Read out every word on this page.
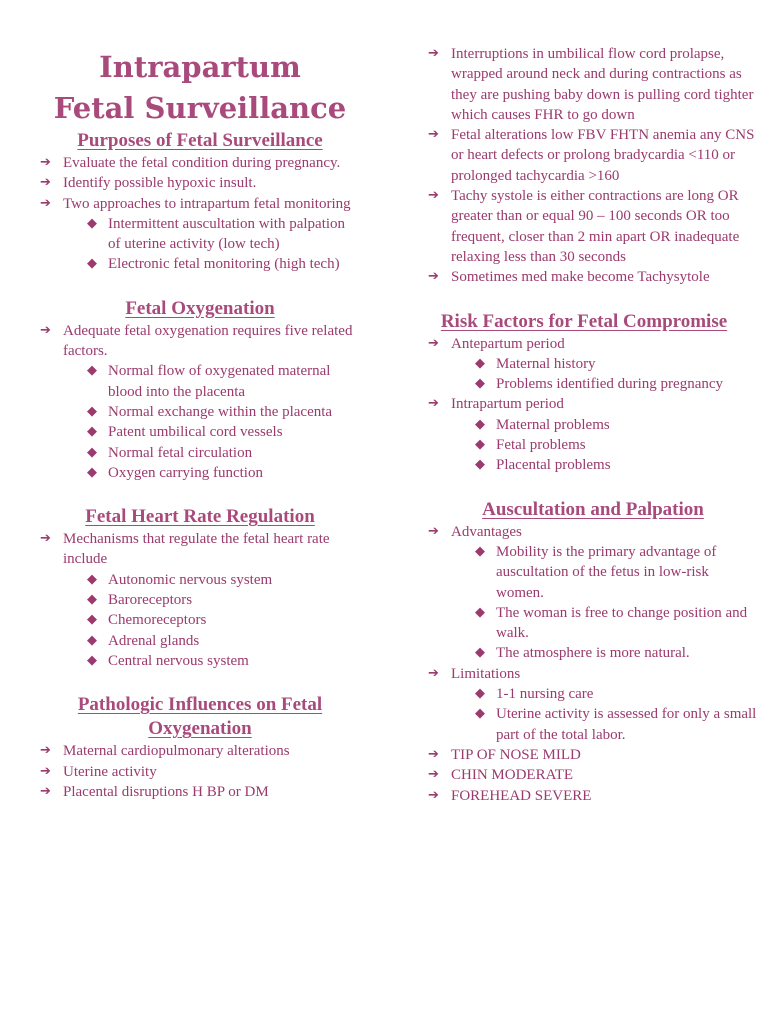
Intrapartum
Fetal Surveillance
Purposes of Fetal Surveillance
➔ Evaluate the fetal condition during pregnancy.
➔ Identify possible hypoxic insult.
➔ Two approaches to intrapartum fetal monitoring
◆ Intermittent auscultation with palpation of uterine activity (low tech)
◆ Electronic fetal monitoring (high tech)
Fetal Oxygenation
➔ Adequate fetal oxygenation requires five related factors.
◆ Normal flow of oxygenated maternal blood into the placenta
◆ Normal exchange within the placenta
◆ Patent umbilical cord vessels
◆ Normal fetal circulation
◆ Oxygen carrying function
Fetal Heart Rate Regulation
➔ Mechanisms that regulate the fetal heart rate include
◆ Autonomic nervous system
◆ Baroreceptors
◆ Chemoreceptors
◆ Adrenal glands
◆ Central nervous system
Pathologic Influences on Fetal Oxygenation
➔ Maternal cardiopulmonary alterations
➔ Uterine activity
➔ Placental disruptions H BP or DM
➔ Interruptions in umbilical flow cord prolapse, wrapped around neck and during contractions as they are pushing baby down is pulling cord tighter which causes FHR to go down
➔ Fetal alterations low FBV FHTN anemia any CNS or heart defects or prolong bradycardia <110 or prolonged tachycardia >160
➔ Tachy systole is either contractions are long OR greater than or equal 90 – 100 seconds OR too frequent, closer than 2 min apart OR inadequate relaxing less than 30 seconds
➔ Sometimes med make become Tachysytole
Risk Factors for Fetal Compromise
➔ Antepartum period
◆ Maternal history
◆ Problems identified during pregnancy
➔ Intrapartum period
◆ Maternal problems
◆ Fetal problems
◆ Placental problems
Auscultation and Palpation
➔ Advantages
◆ Mobility is the primary advantage of auscultation of the fetus in low-risk women.
◆ The woman is free to change position and walk.
◆ The atmosphere is more natural.
➔ Limitations
◆ 1-1 nursing care
◆ Uterine activity is assessed for only a small part of the total labor.
➔ TIP OF NOSE MILD
➔ CHIN MODERATE
➔ FOREHEAD SEVERE
